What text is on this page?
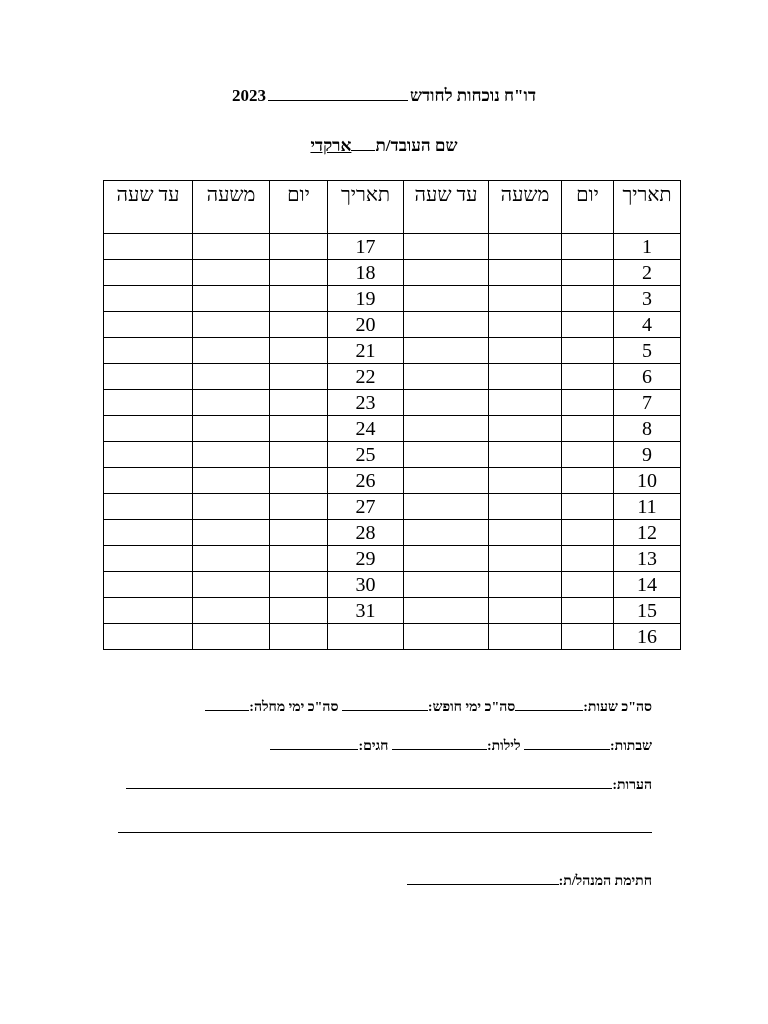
דו"ח נוכחות לחודש2023
שם העובד/תארקדי
תאריך	יום	משעה	עד שעה	תאריך	יום	משעה	עד שעה
1				17			
2				18			
3				19			
4				20			
5				21			
6				22			
7				23			
8				24			
9				25			
10				26			
11				27			
12				28			
13				29			
14				30			
15				31			
16							
סה"כ שעות:סה"כ ימי חופש: סה"כ ימי מחלה:
שבתות: לילות: חגים:
הערות:
חתימת המנהל/ת:
